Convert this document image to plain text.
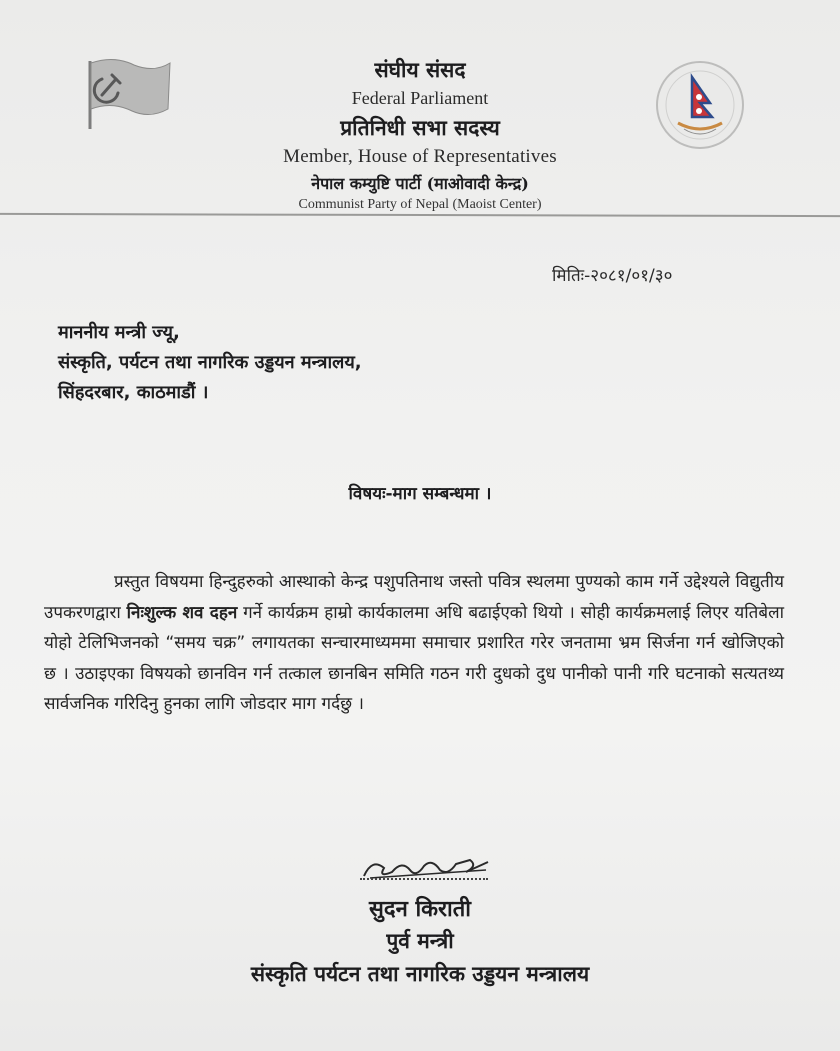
संघीय संसद
Federal Parliament
प्रतिनिधी सभा सदस्य
Member, House of Representatives
नेपाल कम्युष्टि पार्टी (माओवादी केन्द्र)
Communist Party of Nepal (Maoist Center)
मितिः-२०८१/०१/३०
माननीय मन्त्री ज्यू,
संस्कृति, पर्यटन तथा नागरिक उड्डयन मन्त्रालय,
सिंहदरबार, काठमाडौं ।
विषयः-माग सम्बन्धमा ।
प्रस्तुत विषयमा हिन्दुहरुको आस्थाको केन्द्र पशुपतिनाथ जस्तो पवित्र स्थलमा पुण्यको काम गर्ने उद्देश्यले विद्युतीय उपकरणद्वारा निःशुल्क शव दहन गर्ने कार्यक्रम हाम्रो कार्यकालमा अधि बढाईएको थियो । सोही कार्यक्रमलाई लिएर यतिबेला योहो टेलिभिजनको “समय चक्र” लगायतका सन्चारमाध्यममा समाचार प्रशारित गरेर जनतामा भ्रम सिर्जना गर्न खोजिएको छ । उठाइएका विषयको छानविन गर्न तत्काल छानबिन समिति गठन गरी दुधको दुध पानीको पानी गरि घटनाको सत्यतथ्य सार्वजनिक गरिदिनु हुनका लागि जोडदार माग गर्दछु ।
सुदन किराती
पुर्व मन्त्री
संस्कृति पर्यटन तथा नागरिक उड्डयन मन्त्रालय
